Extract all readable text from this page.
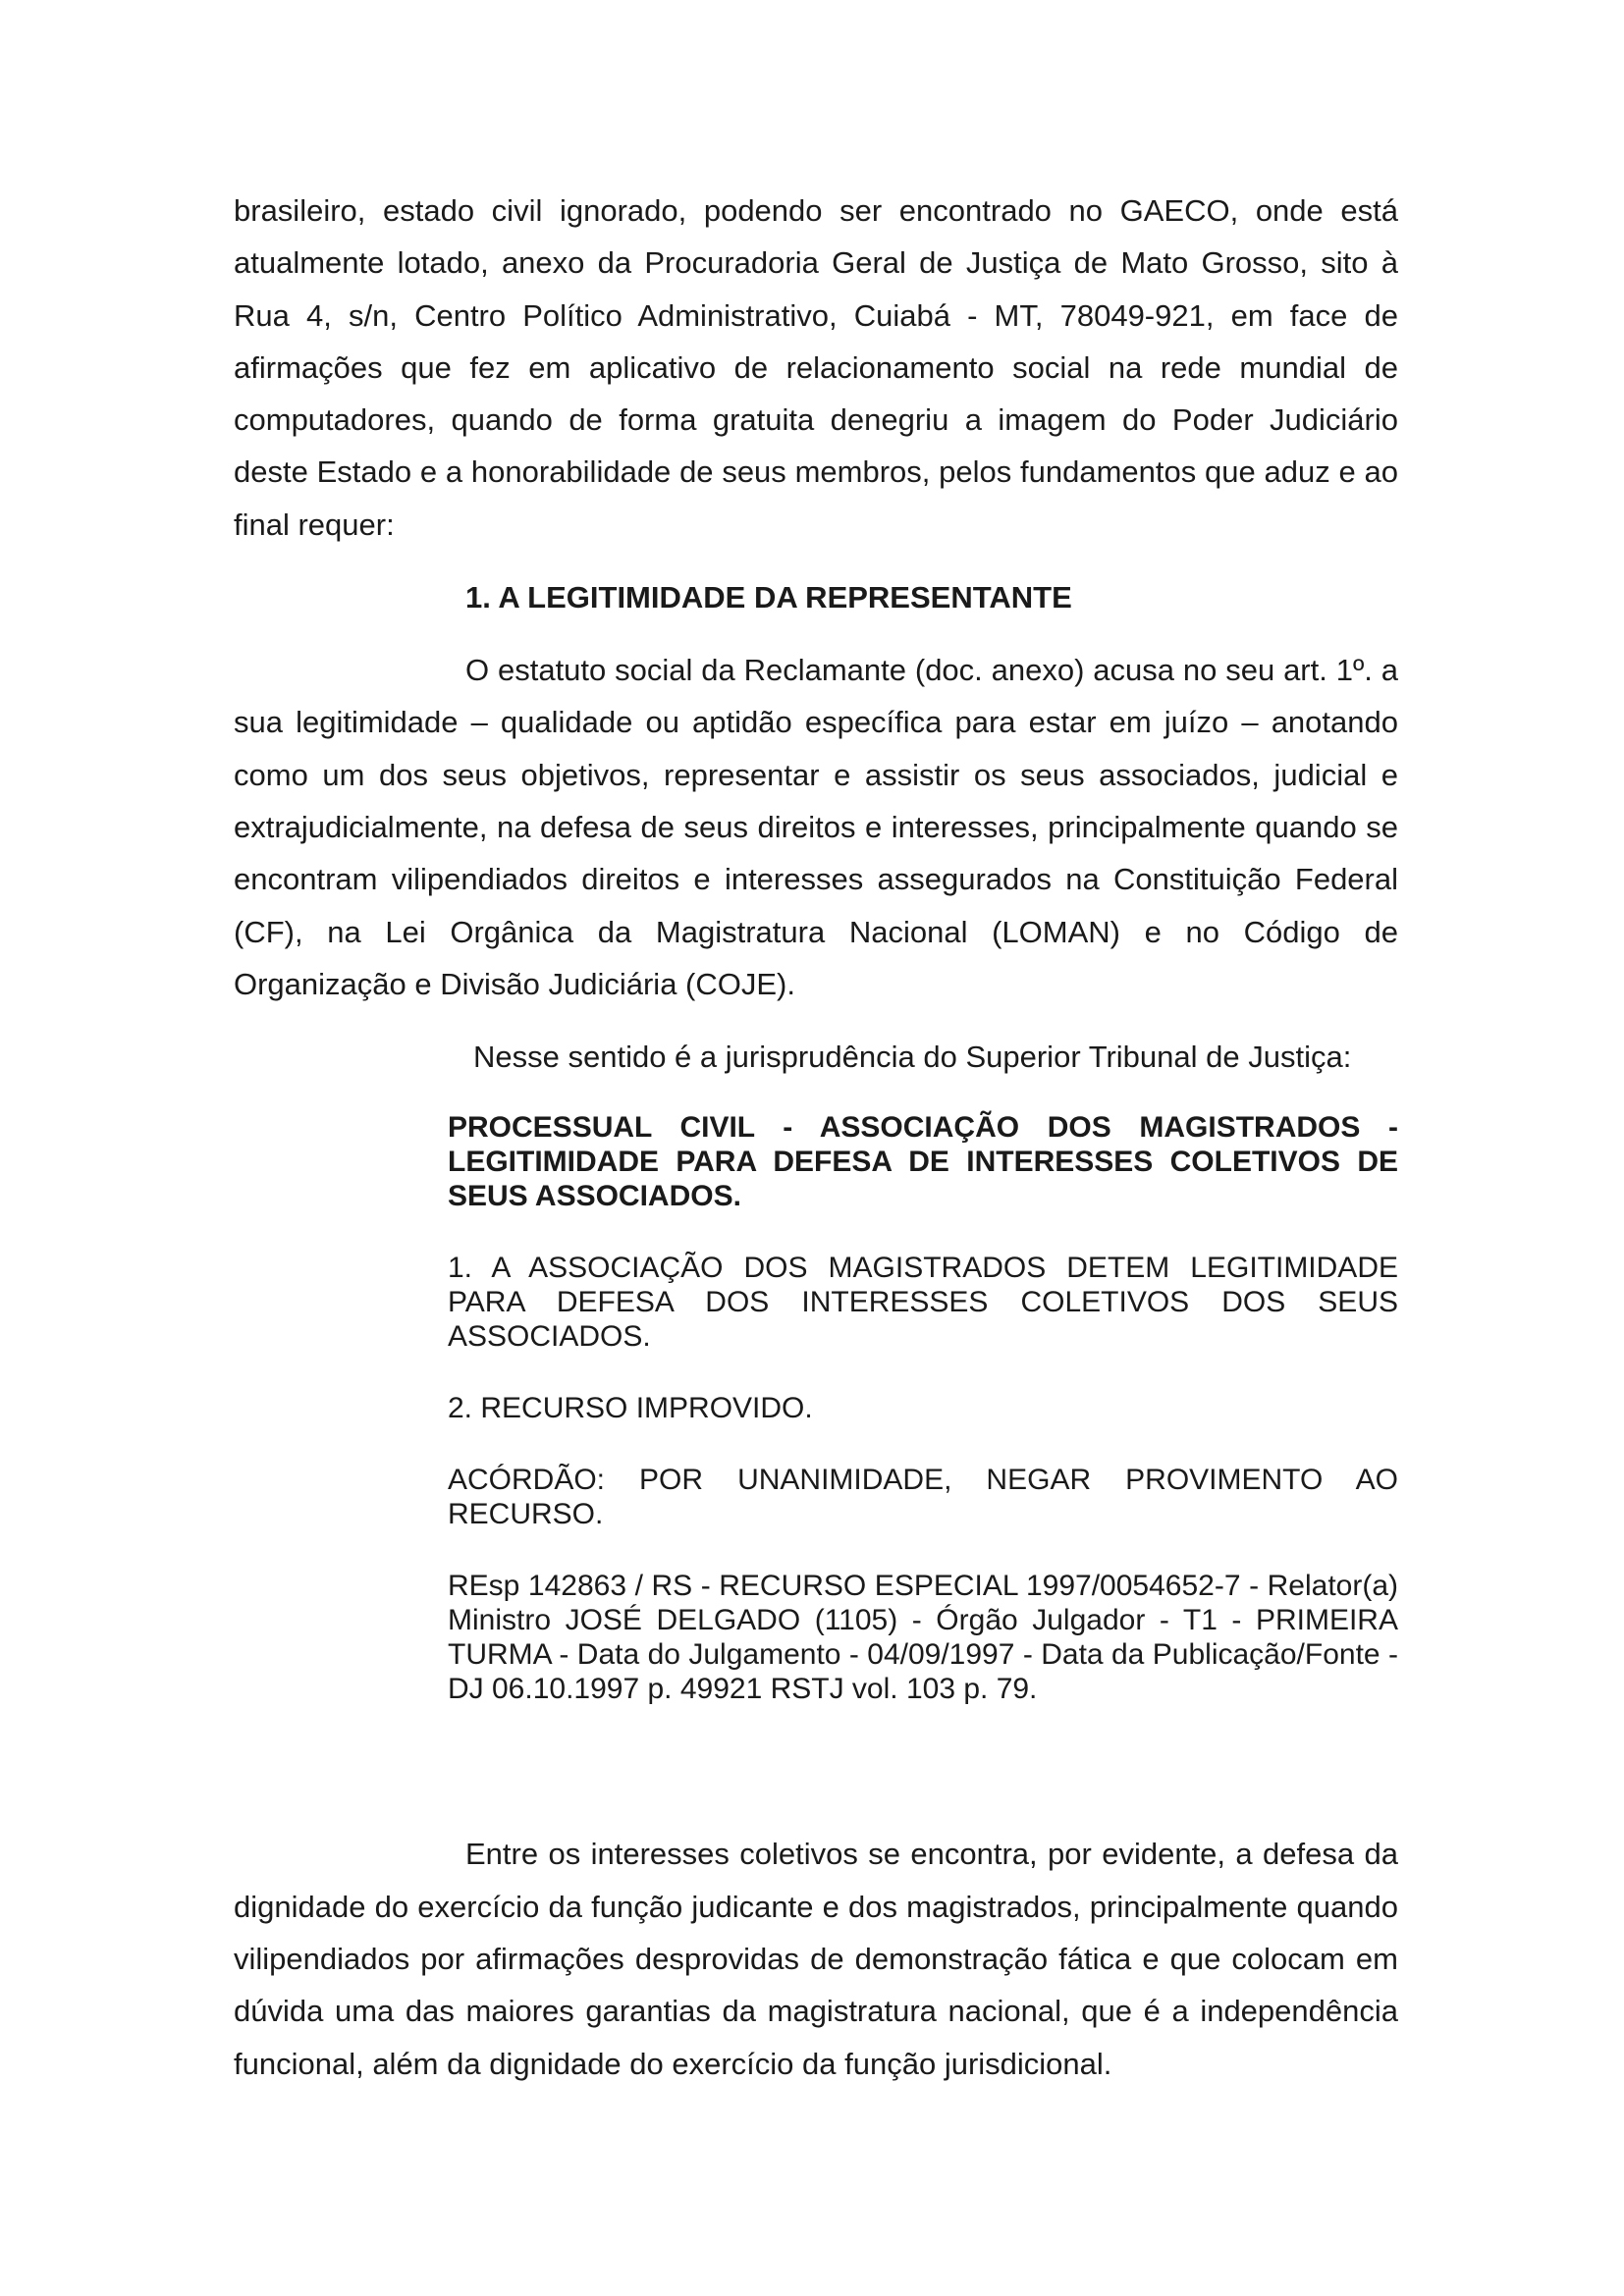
brasileiro, estado civil ignorado, podendo ser encontrado no GAECO, onde está atualmente lotado, anexo da Procuradoria Geral de Justiça de Mato Grosso, sito à Rua 4, s/n, Centro Político Administrativo, Cuiabá - MT, 78049-921, em face de afirmações que fez em aplicativo de relacionamento social na rede mundial de computadores, quando de forma gratuita denegriu a imagem do Poder Judiciário deste Estado e a honorabilidade de seus membros, pelos fundamentos que aduz e ao final requer:

1. A LEGITIMIDADE DA REPRESENTANTE

O estatuto social da Reclamante (doc. anexo) acusa no seu art. 1º. a sua legitimidade – qualidade ou aptidão específica para estar em juízo – anotando como um dos seus objetivos, representar e assistir os seus associados, judicial e extrajudicialmente, na defesa de seus direitos e interesses, principalmente quando se encontram vilipendiados direitos e interesses assegurados na Constituição Federal (CF), na Lei Orgânica da Magistratura Nacional (LOMAN) e no Código de Organização e Divisão Judiciária (COJE).

Nesse sentido é a jurisprudência do Superior Tribunal de Justiça:

PROCESSUAL CIVIL - ASSOCIAÇÃO DOS MAGISTRADOS - LEGITIMIDADE PARA DEFESA DE INTERESSES COLETIVOS DE SEUS ASSOCIADOS.

1. A ASSOCIAÇÃO DOS MAGISTRADOS DETEM LEGITIMIDADE PARA DEFESA DOS INTERESSES COLETIVOS DOS SEUS ASSOCIADOS.

2. RECURSO IMPROVIDO.

ACÓRDÃO: POR UNANIMIDADE, NEGAR PROVIMENTO AO RECURSO.

REsp 142863 / RS - RECURSO ESPECIAL 1997/0054652-7 - Relator(a) Ministro JOSÉ DELGADO (1105) - Órgão Julgador - T1 - PRIMEIRA TURMA - Data do Julgamento - 04/09/1997 - Data da Publicação/Fonte - DJ 06.10.1997 p. 49921 RSTJ vol. 103 p. 79.

Entre os interesses coletivos se encontra, por evidente, a defesa da dignidade do exercício da função judicante e dos magistrados, principalmente quando vilipendiados por afirmações desprovidas de demonstração fática e que colocam em dúvida uma das maiores garantias da magistratura nacional, que é a independência funcional, além da dignidade do exercício da função jurisdicional.
